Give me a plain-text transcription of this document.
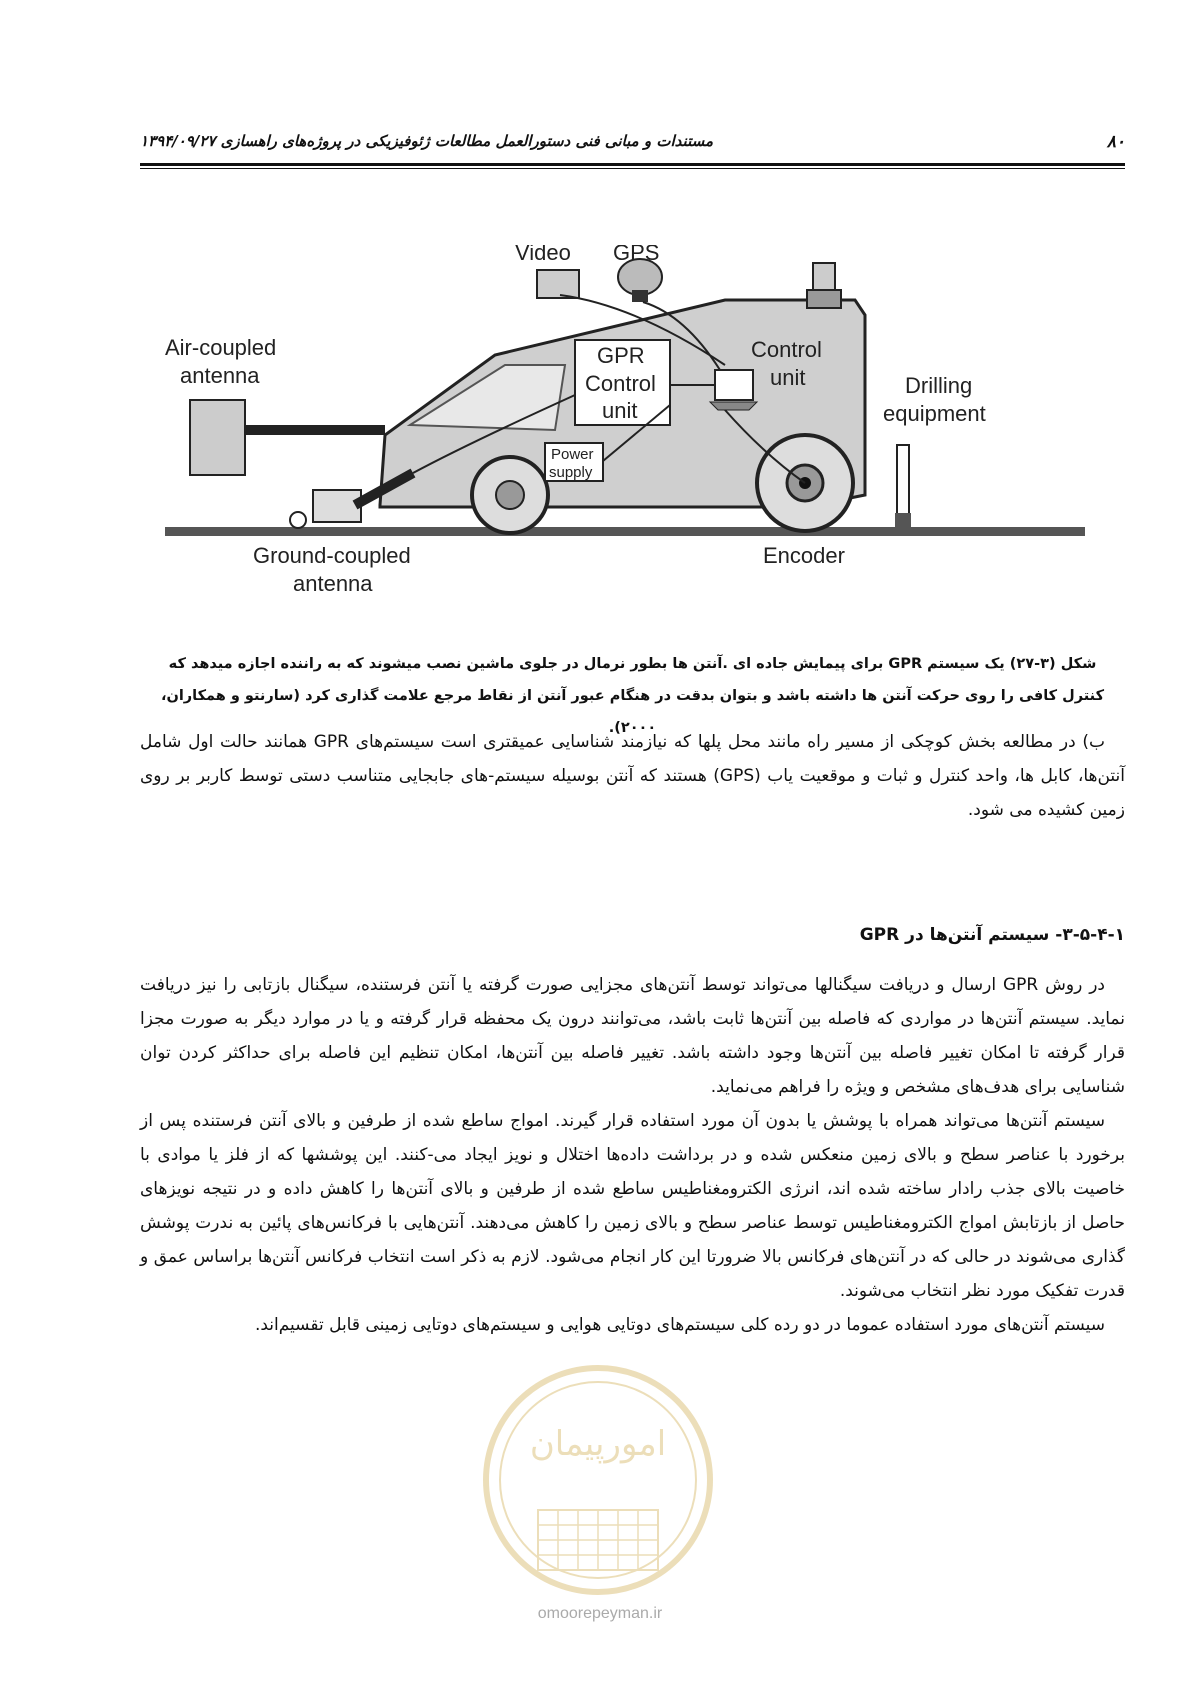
۸۰
مستندات و مبانی فنی دستورالعمل مطالعات ژئوفیزیکی در پروژه‌های راهسازی ۱۳۹۴/۰۹/۲۷
Video GPS
Air-coupled
antenna
GPR
Control
unit
Control
unit	Drilling
equipment
Power
supply
Ground-coupled
antenna
Encoder
شکل (۳-۲۷) یک سیستم GPR برای پیمایش جاده ای .آنتن ها بطور نرمال در جلوی ماشین نصب میشوند که به راننده اجازه میدهد که
کنترل کافی را روی حرکت آنتن ها داشته باشد و بتوان بدقت در هنگام عبور آنتن از نقاط مرجع علامت گذاری کرد (سارنتو و همکاران،
۲۰۰۰).

ب) در مطالعه بخش کوچکی از مسیر راه مانند محل پلها که نیازمند شناسایی عمیقتری است سیستم‌های GPR همانند حالت اول شامل آنتن‌ها، کابل ها، واحد کنترل و ثبات و موقعیت یاب (GPS) هستند که آنتن بوسیله سیستم-های جابجایی متناسب دستی توسط کاربر بر روی زمین کشیده می شود.

۳-۵-۴-۱- سیستم آنتن‌ها در GPR

در روش GPR ارسال و دریافت سیگنالها می‌تواند توسط آنتن‌های مجزایی صورت گرفته یا آنتن فرستنده، سیگنال بازتابی را نیز دریافت نماید. سیستم آنتن‌ها در مواردی که فاصله بین آنتن‌ها ثابت باشد، می‌توانند درون یک محفظه قرار گرفته و یا در موارد دیگر به صورت مجزا قرار گرفته تا امکان تغییر فاصله بین آنتن‌ها وجود داشته باشد. تغییر فاصله بین آنتن‌ها، امکان تنظیم این فاصله برای حداکثر کردن توان شناسایی برای هدف‌های مشخص و ویژه را فراهم می‌نماید.

سیستم آنتن‌ها می‌تواند همراه با پوشش یا بدون آن مورد استفاده قرار گیرند. امواج ساطع شده از طرفین و بالای آنتن فرستنده پس از برخورد با عناصر سطح و بالای زمین منعکس شده و در برداشت داده‌ها اختلال و نویز ایجاد می-کنند. این پوششها که از فلز یا موادی با خاصیت بالای جذب رادار ساخته شده اند، انرژی الکترومغناطیس ساطع شده از طرفین و بالای آنتن‌ها را کاهش داده و در نتیجه نویزهای حاصل از بازتابش امواج الکترومغناطیس توسط عناصر سطح و بالای زمین را کاهش می‌دهند. آنتن‌هایی با فرکانس‌های پائین به ندرت پوشش گذاری می‌شوند در حالی که در آنتن‌های فرکانس بالا ضرورتا این کار انجام می‌شود. لازم به ذکر است انتخاب فرکانس آنتن‌ها براساس عمق و قدرت تفکیک مورد نظر انتخاب می‌شوند.

سیستم آنتن‌های مورد استفاده عموما در دو رده کلی سیستم‌های دوتایی هوایی و سیستم‌های دوتایی زمینی قابل تقسیم‌اند.

امورپیمان
omoorepeyman.ir
